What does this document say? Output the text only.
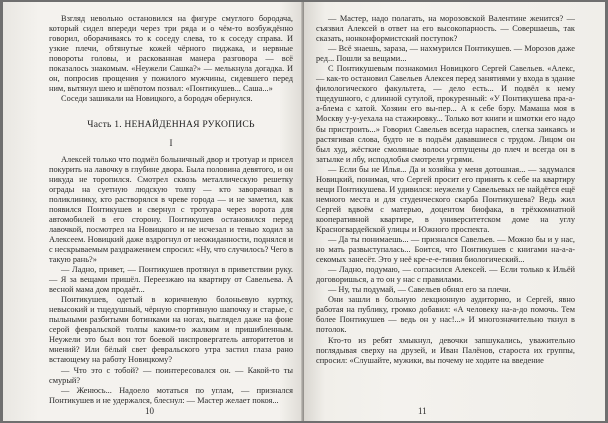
Взгляд невольно остановился на фигуре смуглого бородача, который сидел впереди через три ряда и о чём-то возбуждённо говорил, оборачиваясь то к соседу слева, то к соседу справа. И узкие плечи, обтянутые кожей чёрного пиджака, и нервные повороты головы, и раскованная манера разговора — всё показалось знакомым. «Неужели Сашка?» — мелькнула догадка. И он, попросив прощения у пожилого мужчины, сидевшего перед ним, вытянул шею и шёпотом позвал: «Понтикушев... Саша...»

Соседи зашикали на Новицкого, а бородач обернулся.

Часть 1. НЕНАЙДЕННАЯ РУКОПИСЬ
I

Алексей только что подмёл больничный двор и тротуар и присел покурить на лавочку в глубине двора. Была половина девятого, и он никуда не торопился. Смотрел сквозь металлическую решетку ограды на суетную людскую толпу — кто заворачивал в поликлинику, кто растворялся в чреве города — и не заметил, как появился Понтикушев и свернул с тротуара через ворота для автомобилей в его сторону. Понтикушев остановился перед лавочкой, посмотрел на Новицкого и не исчезал и тенью ходил за Алексеем. Новицкий даже вздрогнул от неожиданности, поднялся и с нескрываемым раздражением спросил: «Ну, что случилось? Чего в такую рань?»

— Ладно, привет, — Понтикушев протянул в приветствии руку. — Я за вещами пришёл. Переезжаю на квартиру от Савельева. А весной мама дом продаёт...

Понтикушев, одетый в коричневую болоньевую куртку, невысокий и тщедушный, чёрную спортивную шапочку и старые, с пыльными разбитыми ботинками на ногах, выглядел даже на фоне серой февральской толпы каким-то жалким и пришибленным. Неужели это был вон тот боевой ниспровергатель авторитетов и мнений? Или бёлый свет февральского утра застил глаза рано встающему на работу Новицкому?

— Что это с тобой? — поинтересовался он. — Какой-то ты смурый?

— Женюсь... Надоело мотаться по углам, — признался Понтикушев и не удержался, блеснул: — Мастер желает покоя...

10

— Мастер, надо полагать, на морозовской Валентине женится? — съязвил Алексей в ответ на его высокопарность. — Совершаешь, так сказать, нонконформистский поступок?

— Всё знаешь, зараза, — нахмурился Понтикушев. — Морозов даже ред... Пошли за вещами...

С Понтикушевым познакомил Новицкого Сергей Савельев. «Алекс, — как-то остановил Савельев Алексея перед занятиями у входа в здание филологического факультета, — дело есть... И подвёл к нему тщедушного, с длинной сутулой, прокуренный: «У Понтикушева пра-а-а-блема с хатой. Хозяин его вы-пер... А к себе бэру. Мамаша моя в Москву у-у-уехала на стажировку... Только вот книги и шмотки его надо бы пристроить...» Говорил Савельев всегда нараспев, слегка заикаясь и растягивая слова, будто не в подъём дававшиеся с трудом. Лицом он был худ, жёсткие смоляные волосы отпущены до плеч и всегда он в затылке и лбу, исподлобья смотрели угрями.

— Если бы не Илья... Да и хозяйка у меня дотошная... — задумался Новицкий, понимая, что Сергей просит его принять к себе на квартиру вещи Понтикушева. И удивился: неужели у Савельевых не найдётся ещё немного места и для студенческого скарба Понтикушева? Ведь жил Сергей вдвоём с матерью, доцентом биофака, в трёхкомнатной кооперативной квартире, в университетском доме на углу Красногвардейской улицы и Южного проспекта.

— Да ты понимаешь... — признался Савельев. — Можно бы и у нас, но мать развыступалась... Боится, что Понтикушев с книгами на-а-а-секомых занесёт. Это у неё кре-е-е-тиния биологический...

— Ладно, подумаю, — согласился Алексей. — Если только к Ильёй договоришься, а то он у нас с правилами.

— Ну, ты подумай, — Савельев обнял его за плечи.

Они зашли в больную лекционную аудиторию, и Сергей, явно работая на публику, громко добавил: «А человеку на-а-до помочь. Тем более Понтикушев — ведь он у нас!...» И многозначительно ткнул в потолок.

Кто-то из ребят хмыкнул, девочки запшукались, уважительно поглядывая сверху на друзей, и Иван Палёнов, староста их группы, спросил: «Слушайте, мужики, вы почему не ходите на введение

11
